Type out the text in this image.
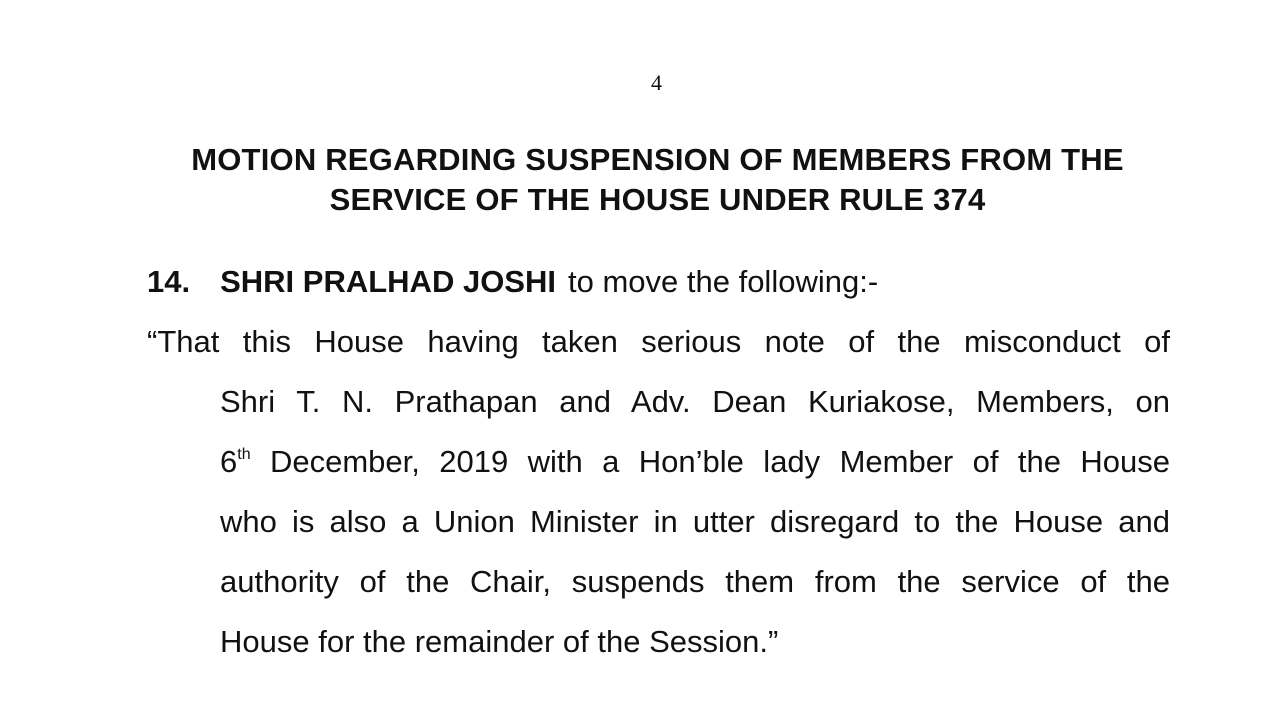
4
MOTION REGARDING SUSPENSION OF MEMBERS FROM THE
SERVICE OF THE HOUSE UNDER RULE 374
14. SHRI PRALHAD JOSHI to move the following:-
“That this House having taken serious note of the misconduct of
Shri T. N. Prathapan and Adv. Dean Kuriakose, Members, on
6th December, 2019 with a Hon’ble lady Member of the House
who is also a Union Minister in utter disregard to the House and
authority of the Chair, suspends them from the service of the
House for the remainder of the Session.”
